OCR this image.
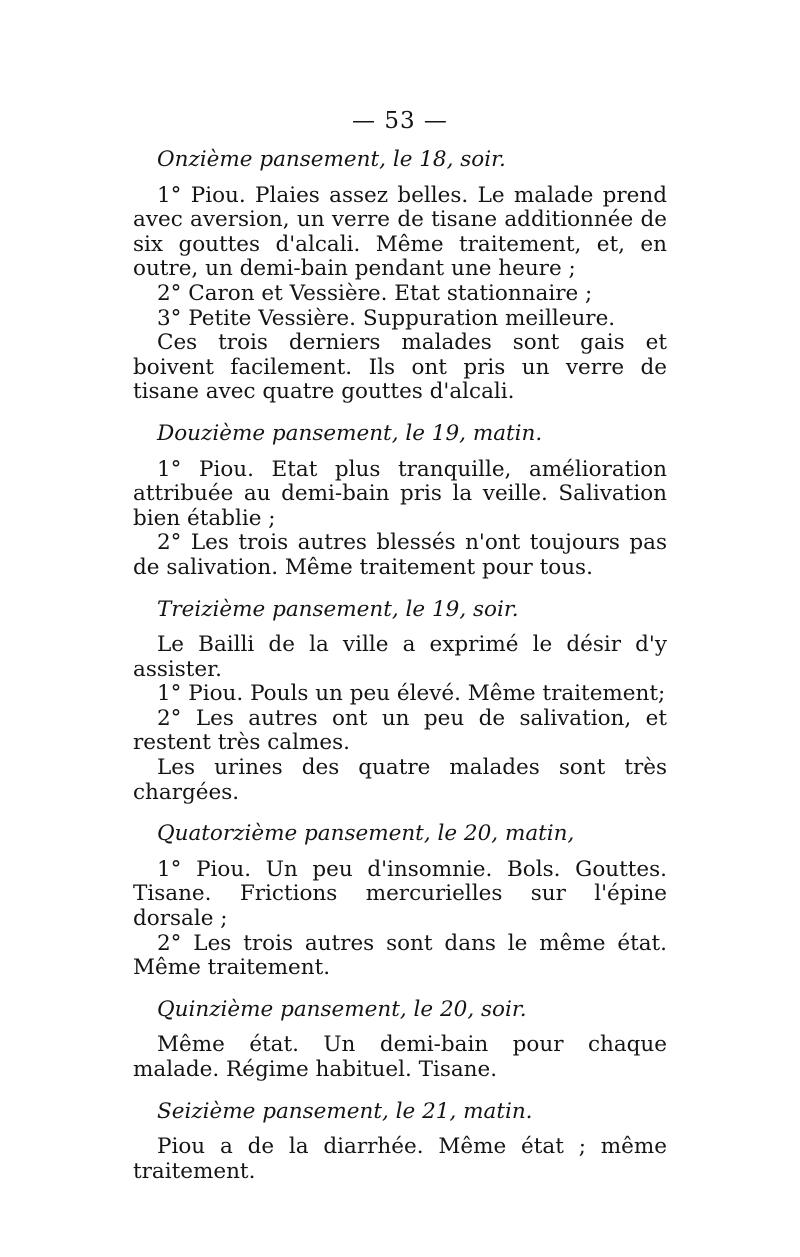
— 53 —

Onzième pansement, le 18, soir.

1° Piou. Plaies assez belles. Le malade prend avec aversion, un verre de tisane additionnée de six gouttes d'alcali. Même traitement, et, en outre, un demi-bain pendant une heure ;

2° Caron et Vessière. Etat stationnaire ;

3° Petite Vessière. Suppuration meilleure.

Ces trois derniers malades sont gais et boivent facilement. Ils ont pris un verre de tisane avec quatre gouttes d'alcali.

Douzième pansement, le 19, matin.

1° Piou. Etat plus tranquille, amélioration attribuée au demi-bain pris la veille. Salivation bien établie ;

2° Les trois autres blessés n'ont toujours pas de salivation. Même traitement pour tous.

Treizième pansement, le 19, soir.

Le Bailli de la ville a exprimé le désir d'y assister.

1° Piou. Pouls un peu élevé. Même traitement;

2° Les autres ont un peu de salivation, et restent très calmes.

Les urines des quatre malades sont très chargées.

Quatorzième pansement, le 20, matin,

1° Piou. Un peu d'insomnie. Bols. Gouttes. Tisane. Frictions mercurielles sur l'épine dorsale ;

2° Les trois autres sont dans le même état. Même traitement.

Quinzième pansement, le 20, soir.

Même état. Un demi-bain pour chaque malade. Régime habituel. Tisane.

Seizième pansement, le 21, matin.

Piou a de la diarrhée. Même état ; même traitement.
